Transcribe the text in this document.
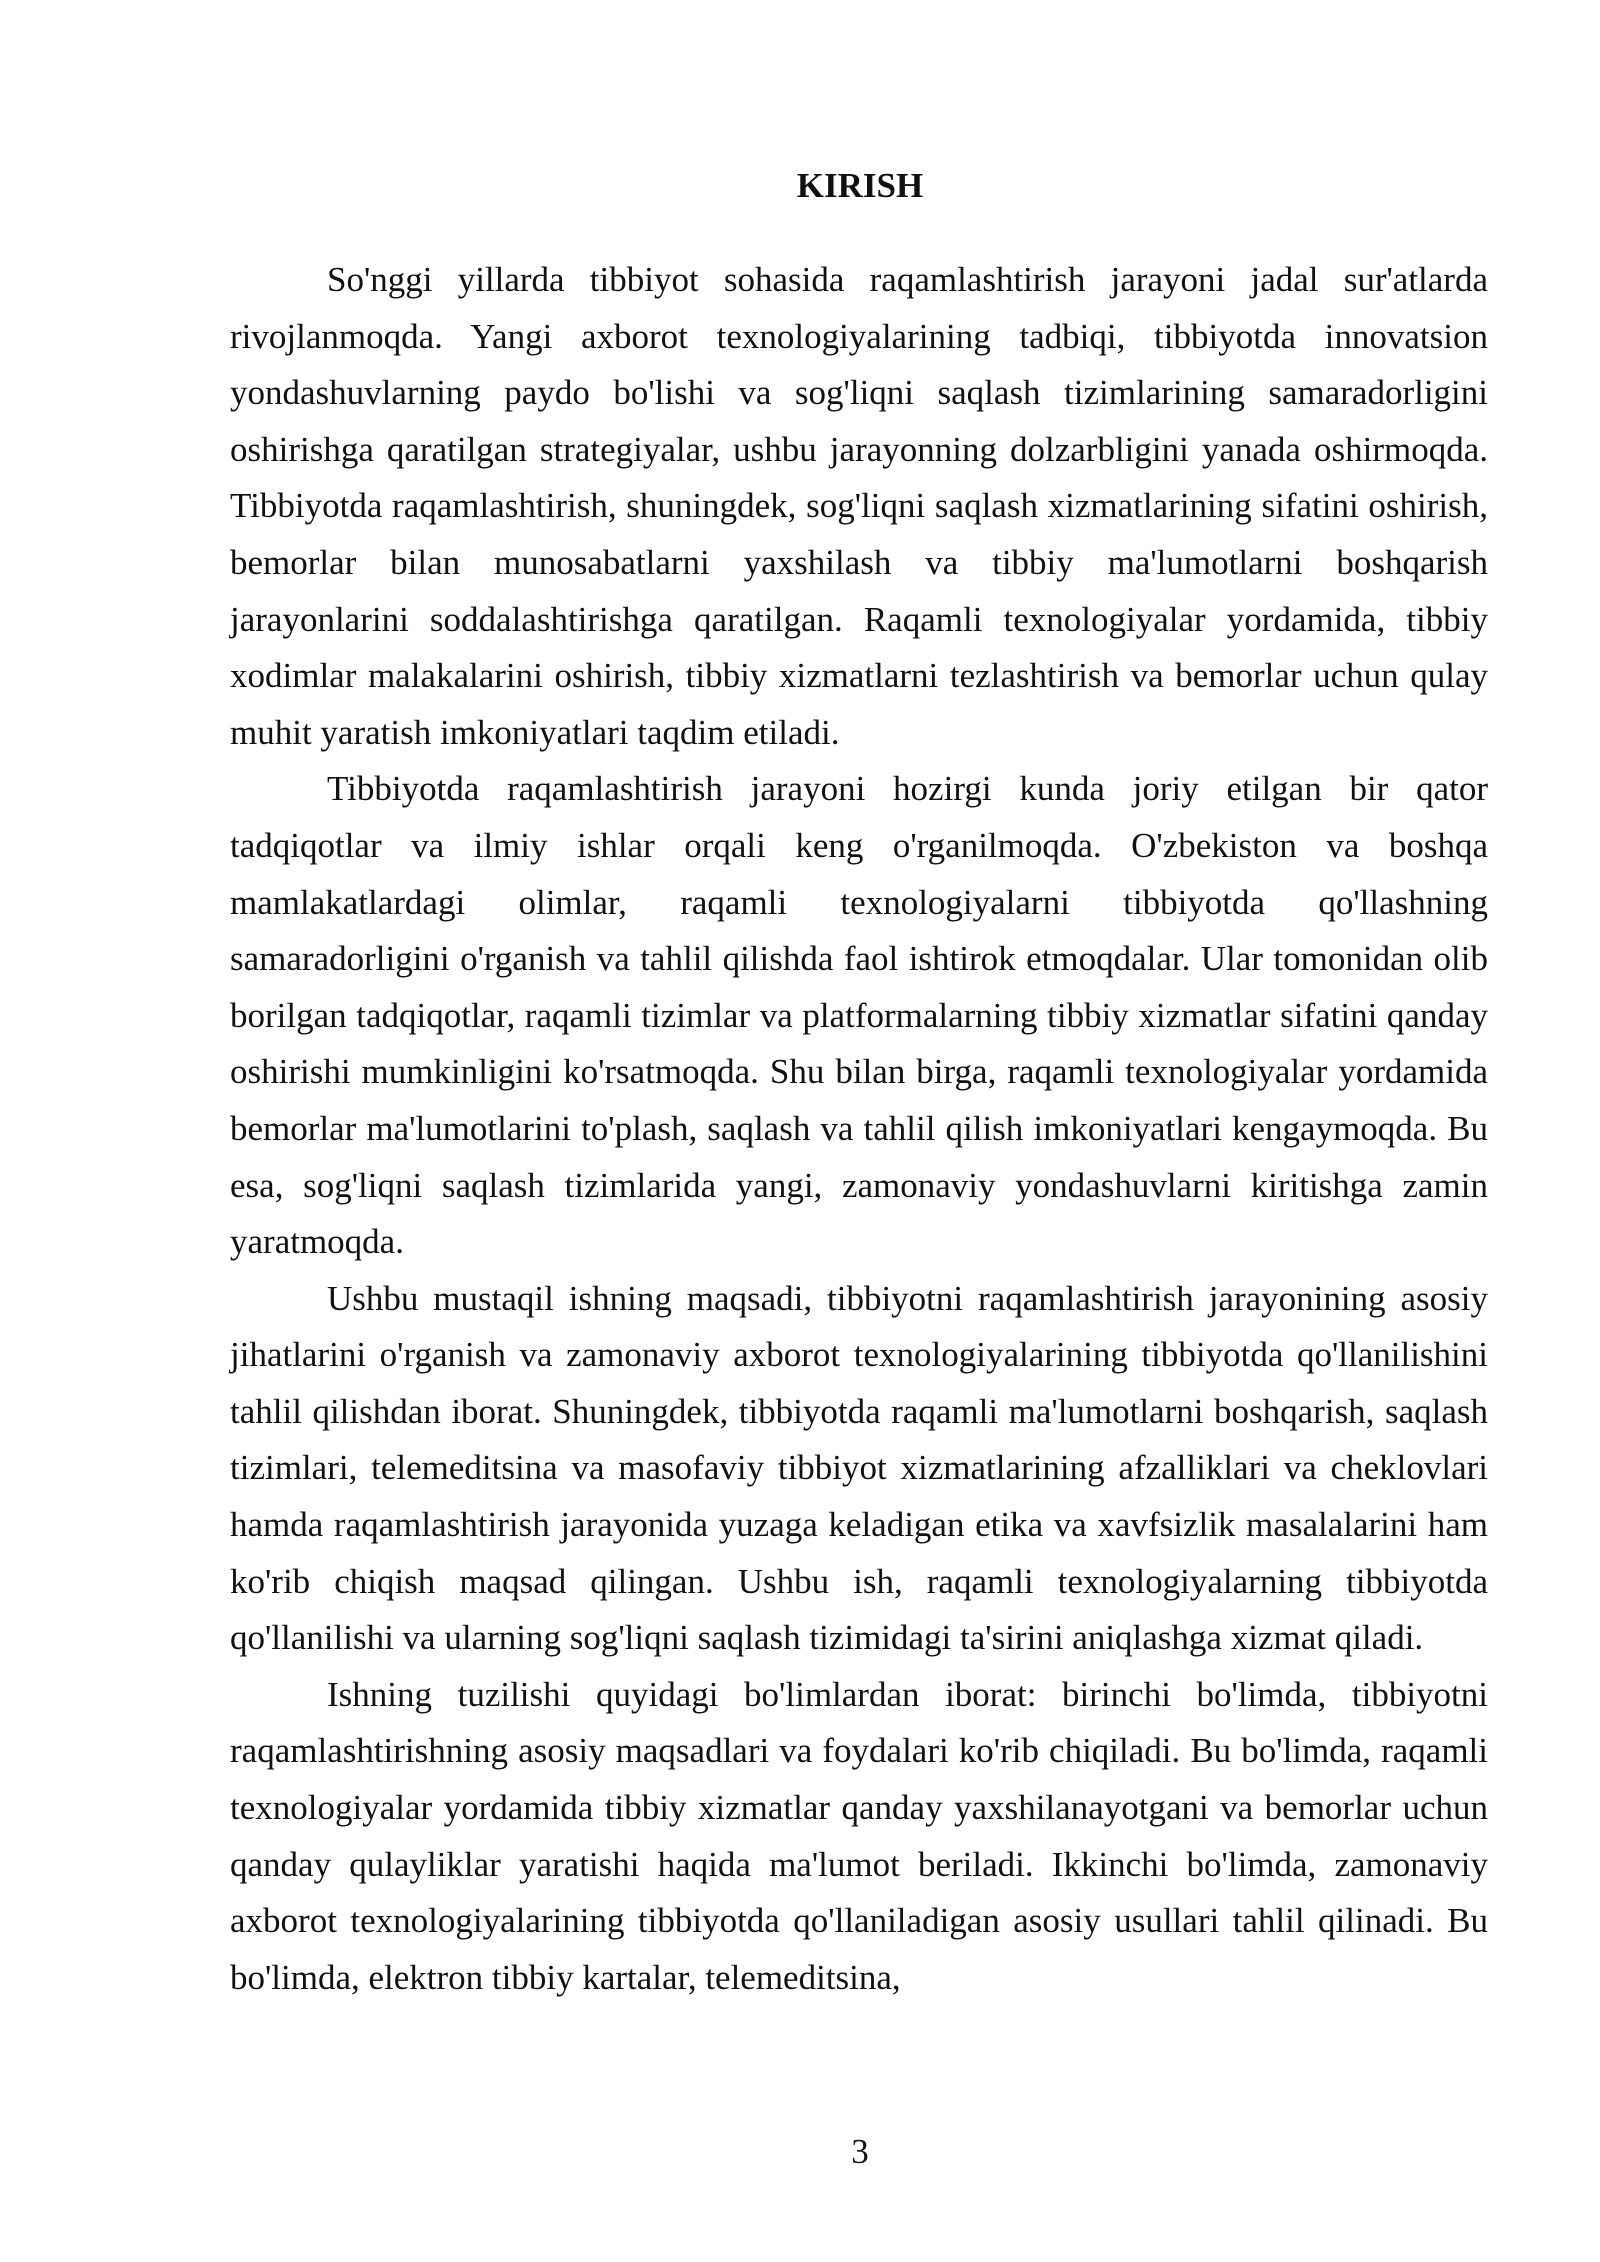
KIRISH

So'nggi yillarda tibbiyot sohasida raqamlashtirish jarayoni jadal sur'atlarda rivojlanmoqda. Yangi axborot texnologiyalarining tadbiqi, tibbiyotda innovatsion yondashuvlarning paydo bo'lishi va sog'liqni saqlash tizimlarining samaradorligini oshirishga qaratilgan strategiyalar, ushbu jarayonning dolzarbligini yanada oshirmoqda. Tibbiyotda raqamlashtirish, shuningdek, sog'liqni saqlash xizmatlarining sifatini oshirish, bemorlar bilan munosabatlarni yaxshilash va tibbiy ma'lumotlarni boshqarish jarayonlarini soddalashtirishga qaratilgan. Raqamli texnologiyalar yordamida, tibbiy xodimlar malakalarini oshirish, tibbiy xizmatlarni tezlashtirish va bemorlar uchun qulay muhit yaratish imkoniyatlari taqdim etiladi.

Tibbiyotda raqamlashtirish jarayoni hozirgi kunda joriy etilgan bir qator tadqiqotlar va ilmiy ishlar orqali keng o'rganilmoqda. O'zbekiston va boshqa mamlakatlardagi olimlar, raqamli texnologiyalarni tibbiyotda qo'llashning samaradorligini o'rganish va tahlil qilishda faol ishtirok etmoqdalar. Ular tomonidan olib borilgan tadqiqotlar, raqamli tizimlar va platformalarning tibbiy xizmatlar sifatini qanday oshirishi mumkinligini ko'rsatmoqda. Shu bilan birga, raqamli texnologiyalar yordamida bemorlar ma'lumotlarini to'plash, saqlash va tahlil qilish imkoniyatlari kengaymoqda. Bu esa, sog'liqni saqlash tizimlarida yangi, zamonaviy yondashuvlarni kiritishga zamin yaratmoqda.

Ushbu mustaqil ishning maqsadi, tibbiyotni raqamlashtirish jarayonining asosiy jihatlarini o'rganish va zamonaviy axborot texnologiyalarining tibbiyotda qo'llanilishini tahlil qilishdan iborat. Shuningdek, tibbiyotda raqamli ma'lumotlarni boshqarish, saqlash tizimlari, telemeditsina va masofaviy tibbiyot xizmatlarining afzalliklari va cheklovlari hamda raqamlashtirish jarayonida yuzaga keladigan etika va xavfsizlik masalalarini ham ko'rib chiqish maqsad qilingan. Ushbu ish, raqamli texnologiyalarning tibbiyotda qo'llanilishi va ularning sog'liqni saqlash tizimidagi ta'sirini aniqlashga xizmat qiladi.

Ishning tuzilishi quyidagi bo'limlardan iborat: birinchi bo'limda, tibbiyotni raqamlashtirishning asosiy maqsadlari va foydalari ko'rib chiqiladi. Bu bo'limda, raqamli texnologiyalar yordamida tibbiy xizmatlar qanday yaxshilanayotgani va bemorlar uchun qanday qulayliklar yaratishi haqida ma'lumot beriladi. Ikkinchi bo'limda, zamonaviy axborot texnologiyalarining tibbiyotda qo'llaniladigan asosiy usullari tahlil qilinadi. Bu bo'limda, elektron tibbiy kartalar, telemeditsina,

3
